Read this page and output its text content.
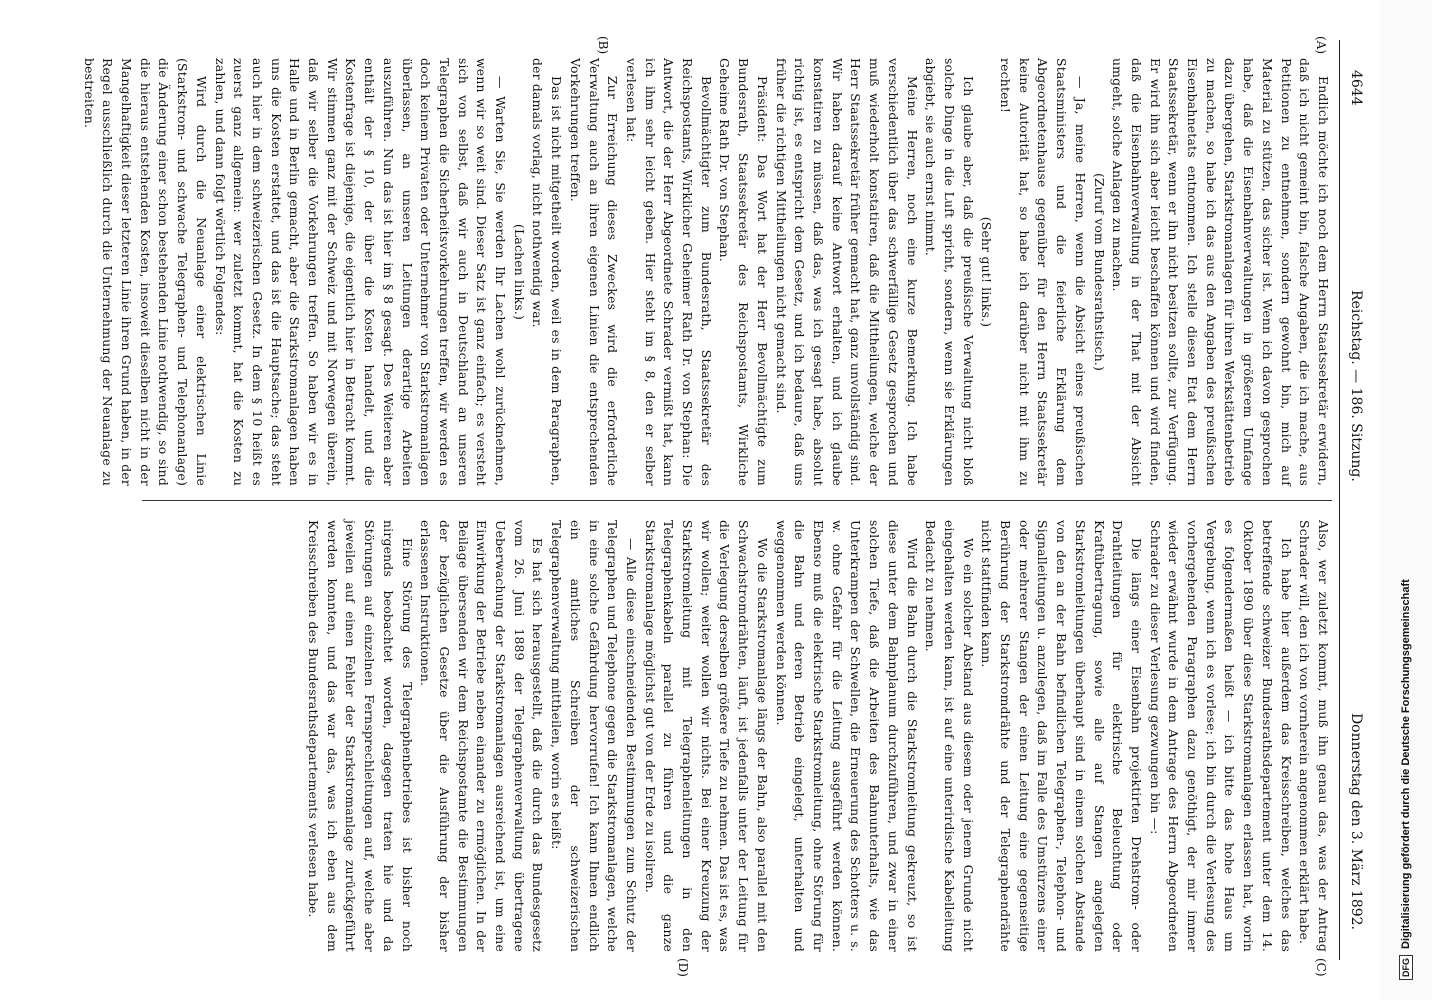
4644
Reichstag. — 186. Sitzung.
Donnerstag den 3. März 1892.
(A)
(B)
(C)
(D)

Endlich möchte ich noch dem Herrn Staatssekretär erwidern, daß ich nicht gemeint bin, falsche Angaben, die ich mache, aus Petitionen zu entnehmen, sondern gewohnt bin, mich auf Material zu stützen, das sicher ist. Wenn ich davon gesprochen habe, daß die Eisenbahnverwaltungen in größerem Umfange dazu übergehen, Starkstromanlagen für ihren Werkstättenbetrieb zu machen, so habe ich das aus den Angaben des preußischen Eisenbahnetats entnommen. Ich stelle diesen Etat dem Herrn Staatssekretär, wenn er ihn nicht besitzen sollte, zur Verfügung. Er wird ihn sich aber leicht beschaffen können und wird finden, daß die Eisenbahnverwaltung in der That mit der Absicht umgeht, solche Anlagen zu machen.

(Zuruf vom Bundesrathstisch.)

— Ja, meine Herren, wenn die Absicht eines preußischen Staatsministers und die feierliche Erklärung dem Abgeordnetenhause gegenüber für den Herrn Staatssekretär keine Autorität hat, so habe ich darüber nicht mit ihm zu rechten!

(Sehr gut! links.)

Ich glaube aber, daß die preußische Verwaltung nicht bloß solche Dinge in die Luft spricht, sondern, wenn sie Erklärungen abgiebt, sie auch ernst nimmt.

Meine Herren, noch eine kurze Bemerkung. Ich habe verschiedentlich über das schwerfällige Gesetz gesprochen und muß wiederholt konstatiren, daß die Mittheilungen, welche der Herr Staatssekretär früher gemacht hat, ganz unvollständig sind. Wir haben darauf keine Antwort erhalten, und ich glaube konstatiren zu müssen, daß das, was ich gesagt habe, absolut richtig ist, es entspricht dem Gesetz, und ich bedaure, daß uns früher die richtigen Mittheilungen nicht gemacht sind.

Präsident: Das Wort hat der Herr Bevollmächtigte zum Bundesrath, Staatssekretär des Reichspostamts, Wirkliche Geheime Rath Dr. von Stephan.

Bevollmächtigter zum Bundesrath, Staatssekretär des Reichspostamts, Wirklicher Geheimer Rath Dr. von Stephan: Die Antwort, die der Herr Abgeordnete Schrader vermißt hat, kann ich ihm sehr leicht geben. Hier steht im § 8, den er selber verlesen hat:

Zur Erreichung dieses Zweckes wird die erforderliche Verwaltung auch an ihren eigenen Linien die entsprechenden Vorkehrungen treffen.

Das ist nicht mitgetheilt worden, weil es in dem Paragraphen, der damals vorlag, nicht nothwendig war.

(Lachen links.)

— Warten Sie, Sie werden Ihr Lachen wohl zurücknehmen, wenn wir so weit sind. Dieser Satz ist ganz einfach; es versteht sich von selbst, daß wir auch in Deutschland an unseren Telegraphen die Sicherheitsvorkehrungen treffen, wir werden es doch keinem Privaten oder Unternehmer von Starkstromanlagen überlassen, an unseren Leitungen derartige Arbeiten auszuführen. Nun das ist hier im § 8 gesagt. Des Weiteren aber enthält der § 10, der über die Kosten handelt, und die Kostenfrage ist diejenige, die eigentlich hier in Betracht kommt. Wir stimmen ganz mit der Schweiz und mit Norwegen überein, daß wir selber die Vorkehrungen treffen. So haben wir es in Halle und in Berlin gemacht, aber die Starkstromanlagen haben uns die Kosten erstattet, und das ist die Hauptsache; das steht auch hier in dem schweizerischen Gesetz. In dem § 10 heißt es zuerst ganz allgemein: wer zuletzt kommt, hat die Kosten zu zahlen, und dann folgt wörtlich Folgendes:

Wird durch die Neuanlage einer elektrischen Linie (Starkstrom- und schwache Telegraphen- und Telephonanlage) die Änderung einer schon bestehenden Linie nothwendig, so sind die hieraus entstehenden Kosten, insoweit dieselben nicht in der Mangelhaftigkeit dieser letzteren Linie ihren Grund haben, in der Regel ausschließlich durch die Unternehmung der Neuanlage zu bestreiten.

Also, wer zuletzt kommt, muß ihn genau das, was der Antrag Schrader will, den ich von vornherein angenommen erklärt habe.

Ich habe hier außerdem das Kreisschreiben, welches das betreffende schweizer Bundesrathsdepartement unter dem 14. Oktober 1890 über diese Starkstromanlagen erlassen hat, worin es folgendermaßen heißt — ich bitte das hohe Haus um Vergebung, wenn ich es vorlese; ich bin durch die Verlesung des vorhergehenden Paragraphen dazu genöthigt, der mir immer wieder erwähnt wurde in dem Antrage des Herrn Abgeordneten Schrader zu dieser Verlesung gezwungen bin —:

Die längs einer Eisenbahn projektirten Drehstrom- oder Drahtleitungen für elektrische Beleuchtung oder Kraftübertragung, sowie alle auf Stangen angelegten Starkstromleitungen überhaupt sind in einem solchen Abstande von den an der Bahn befindlichen Telegraphen-, Telephon- und Signalleitungen u. anzulegen, daß im Falle des Umstürzens einer oder mehrerer Stangen der einen Leitung eine gegenseitige Berührung der Starkstromdrähte und der Telegraphendrähte nicht stattfinden kann.

Wo ein solcher Abstand aus diesem oder jenem Grunde nicht eingehalten werden kann, ist auf eine unterirdische Kabelleitung Bedacht zu nehmen.

Wird die Bahn durch die Starkstromleitung gekreuzt, so ist diese unter dem Bahnplanum durchzuführen, und zwar in einer solchen Tiefe, daß die Arbeiten des Bahnunterhalts, wie das Unterkrampen der Schwellen, die Erneuerung des Schotters u. s. w. ohne Gefahr für die Leitung ausgeführt werden können. Ebenso muß die elektrische Starkstromleitung, ohne Störung für die Bahn und deren Betrieb eingelegt, unterhalten und weggenommen werden können.

Wo die Starkstromanlage längs der Bahn, also parallel mit den Schwachstromdrähten, läuft, ist jedenfalls unter der Leitung für die Verlegung derselben größere Tiefe zu nehmen. Das ist es, was wir wollen; weiter wollen wir nichts. Bei einer Kreuzung der Starkstromleitung mit Telegraphenleitungen in den Telegraphenkabeln parallel zu führen und die ganze Starkstromanlage möglichst gut von der Erde zu isoliren.

— Alle diese einschneidenden Bestimmungen zum Schutz der Telegraphen und Telephone gegen die Starkstromanlagen, welche in eine solche Gefährdung hervorrufen! Ich kann Ihnen endlich ein amtliches Schreiben der schweizerischen Telegraphenverwaltung mittheilen, worin es heißt:

Es hat sich herausgestellt, daß die durch das Bundesgesetz vom 26. Juni 1889 der Telegraphenverwaltung übertragene Ueberwachung der Starkstromanlagen ausreichend ist, um eine Einwirkung der Betriebe neben einander zu ermöglichen. In der Beilage übersenden wir dem Reichspostamte die Bestimmungen der bezüglichen Gesetze über die Ausführung der bisher erlassenen Instruktionen.

Eine Störung des Telegraphenbetriebes ist bisher noch nirgends beobachtet worden, dagegen traten hie und da Störungen auf einzelnen Fernsprechleitungen auf, welche aber jeweilen auf einen Fehler der Starkstromanlage zurückgeführt werden konnten, und das war das, was ich eben aus dem Kreisschreiben des Bundesrathsdepartements verlesen habe.

DFG
Digitalisierung gefördert durch die Deutsche Forschungsgemeinschaft
